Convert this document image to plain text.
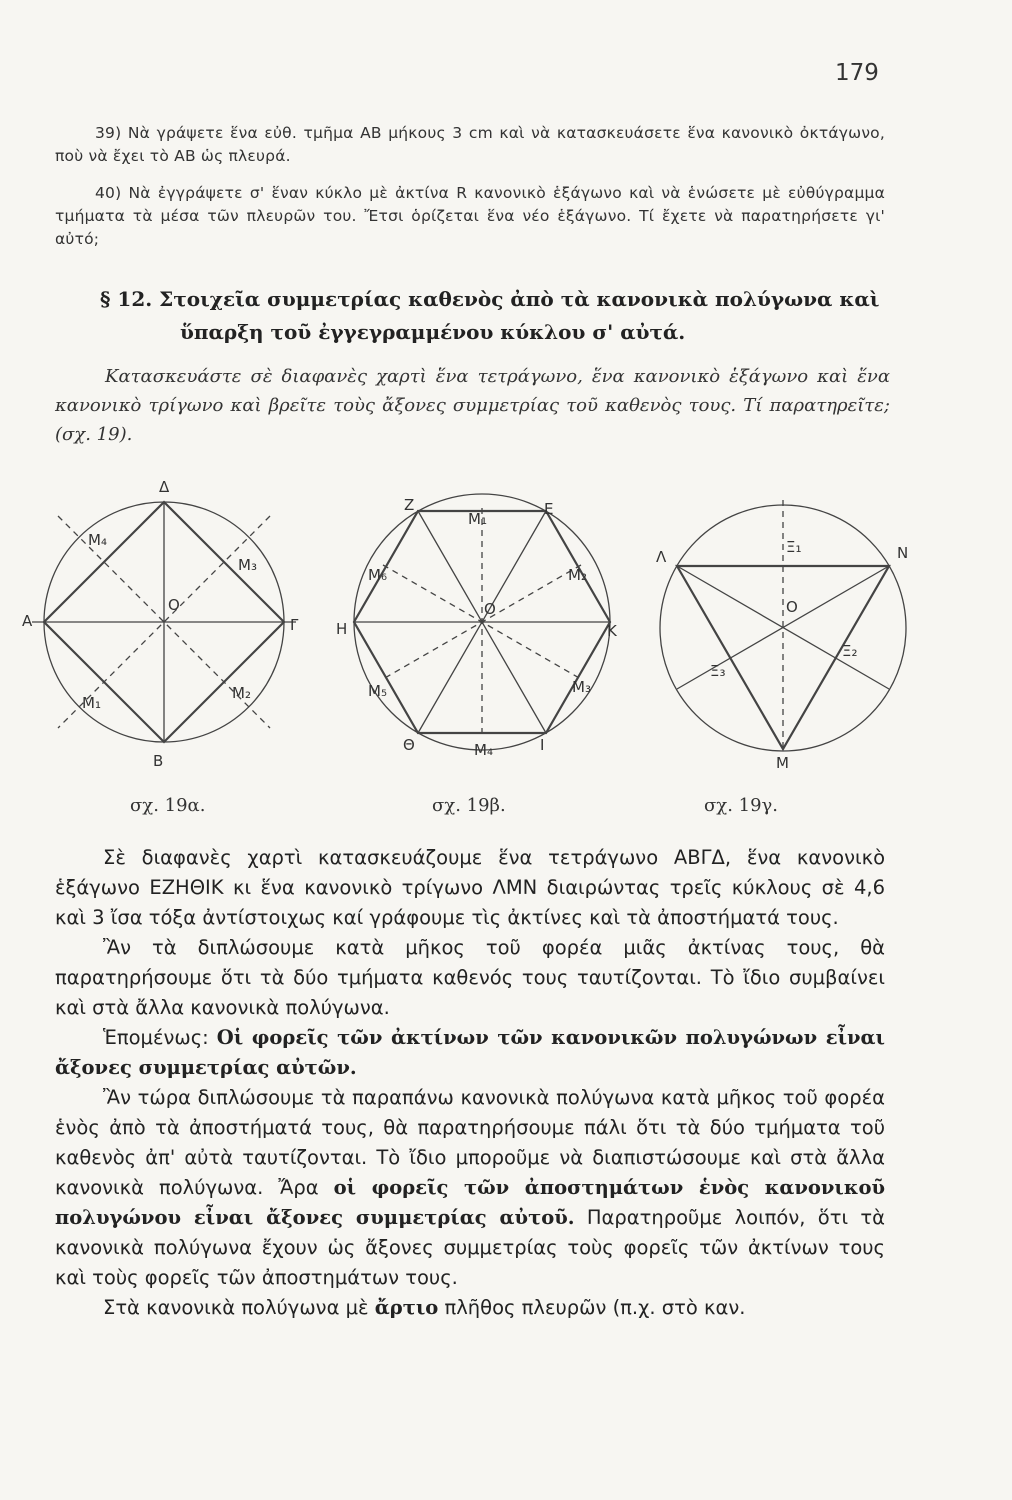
179

39) Νὰ γράψετε ἕνα εὐθ. τμῆμα ΑΒ μήκους 3 cm καὶ νὰ κατασκευάσετε ἕνα κανονικὸ ὀκτάγωνο, ποὺ νὰ ἔχει τὸ ΑΒ ὡς πλευρά.

40) Νὰ ἐγγράψετε σ' ἕναν κύκλο μὲ ἀκτίνα R κανονικὸ ἑξάγωνο καὶ νὰ ἑνώσετε μὲ εὐθύγραμμα τμήματα τὰ μέσα τῶν πλευρῶν του. Ἔτσι ὁρίζεται ἕνα νέο ἑξάγωνο. Τί ἔχετε νὰ παρατηρήσετε γι' αὐτό;

§ 12. Στοιχεῖα συμμετρίας καθενὸς ἀπὸ τὰ κανονικὰ πολύγωνα καὶ
ὕπαρξη τοῦ ἐγγεγραμμένου κύκλου σ' αὐτά.

Κατασκευάστε σὲ διαφανὲς χαρτὶ ἕνα τετράγωνο, ἕνα κανονικὸ ἑξάγωνο καὶ ἕνα κανονικὸ τρίγωνο καὶ βρεῖτε τοὺς ἄξονες συμμετρίας τοῦ καθενὸς τους. Τί παρατηρεῖτε; (σχ. 19).

Δ
Α	Γ
Β
O
M₁
M₂
M₃
M₄
Z	E
H	K
Θ	I
O
M₁
M₂
M₃
M₄
M₅
M₆
Λ	N
M
O
Ξ₁
Ξ₂
Ξ₃
σχ. 19α.	σχ. 19β.	σχ. 19γ.

Σὲ διαφανὲς χαρτὶ κατασκευάζουμε ἕνα τετράγωνο ΑΒΓΔ, ἕνα κανονικὸ ἑξάγωνο ΕΖΗΘΙΚ κι ἕνα κανονικὸ τρίγωνο ΛΜΝ διαιρώντας τρεῖς κύκλους σὲ 4,6 καὶ 3 ἴσα τόξα ἀντίστοιχως καί γράφουμε τὶς ἀκτίνες καὶ τὰ ἀποστήματά τους.

Ἂν τὰ διπλώσουμε κατὰ μῆκος τοῦ φορέα μιᾶς ἀκτίνας τους, θὰ παρατηρήσουμε ὅτι τὰ δύο τμήματα καθενός τους ταυτίζονται. Τὸ ἴδιο συμβαίνει καὶ στὰ ἄλλα κανονικὰ πολύγωνα.

Ἑπομένως: Οἱ φορεῖς τῶν ἀκτίνων τῶν κανονικῶν πολυγώνων εἶναι ἄξονες συμμετρίας αὐτῶν.

Ἂν τώρα διπλώσουμε τὰ παραπάνω κανονικὰ πολύγωνα κατὰ μῆκος τοῦ φορέα ἑνὸς ἀπὸ τὰ ἀποστήματά τους, θὰ παρατηρήσουμε πάλι ὅτι τὰ δύο τμήματα τοῦ καθενὸς ἀπ' αὐτὰ ταυτίζονται. Τὸ ἴδιο μποροῦμε νὰ διαπιστώσουμε καὶ στὰ ἄλλα κανονικὰ πολύγωνα. Ἄρα οἱ φορεῖς τῶν ἀποστημάτων ἑνὸς κανονικοῦ πολυγώνου εἶναι ἄξονες συμμετρίας αὐτοῦ. Παρατηροῦμε λοιπόν, ὅτι τὰ κανονικὰ πολύγωνα ἔχουν ὡς ἄξονες συμμετρίας τοὺς φορεῖς τῶν ἀκτίνων τους καὶ τοὺς φορεῖς τῶν ἀποστημάτων τους.

Στὰ κανονικὰ πολύγωνα μὲ ἄρτιο πλῆθος πλευρῶν (π.χ. στὸ καν.
